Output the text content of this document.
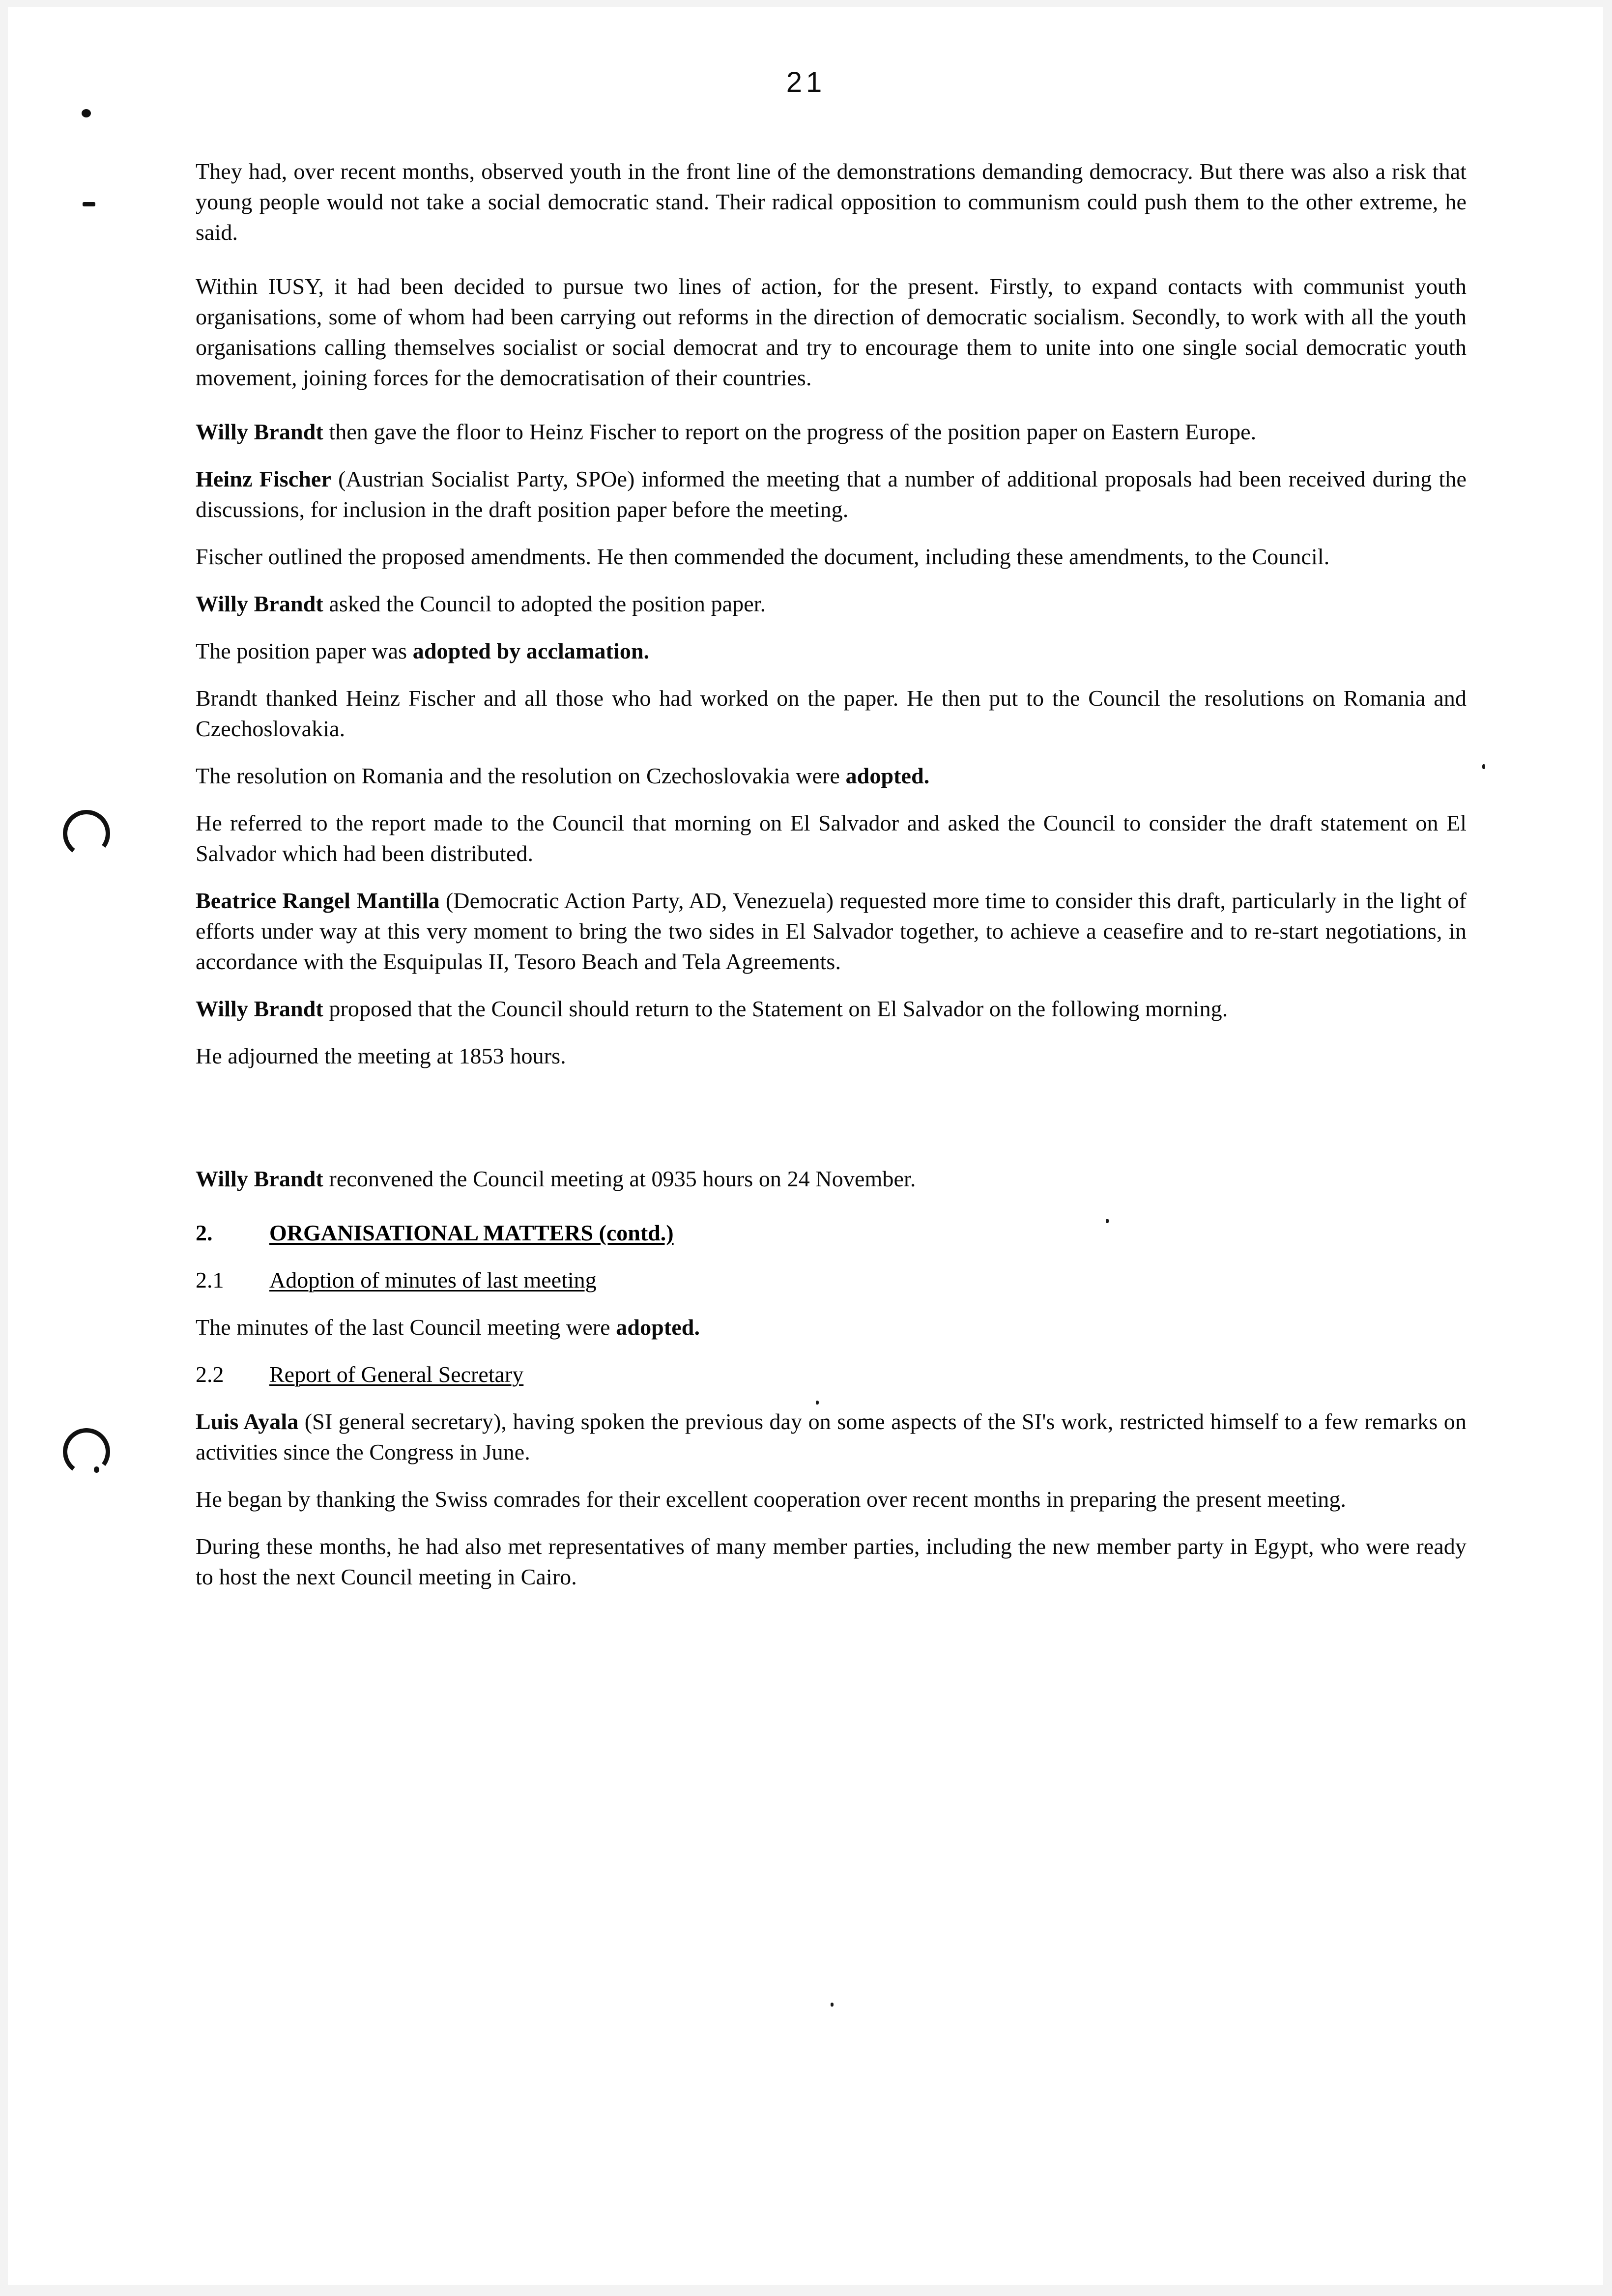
21

They had, over recent months, observed youth in the front line of the demonstrations demanding democracy. But there was also a risk that young people would not take a social democratic stand. Their radical opposition to communism could push them to the other extreme, he said.

Within IUSY, it had been decided to pursue two lines of action, for the present. Firstly, to expand contacts with communist youth organisations, some of whom had been carrying out reforms in the direction of democratic socialism. Secondly, to work with all the youth organisations calling themselves socialist or social democrat and try to encourage them to unite into one single social democratic youth movement, joining forces for the democratisation of their countries.

Willy Brandt then gave the floor to Heinz Fischer to report on the progress of the position paper on Eastern Europe.

Heinz Fischer (Austrian Socialist Party, SPOe) informed the meeting that a number of additional proposals had been received during the discussions, for inclusion in the draft position paper before the meeting.

Fischer outlined the proposed amendments. He then commended the document, including these amendments, to the Council.

Willy Brandt asked the Council to adopted the position paper.

The position paper was adopted by acclamation.

Brandt thanked Heinz Fischer and all those who had worked on the paper. He then put to the Council the resolutions on Romania and Czechoslovakia.

The resolution on Romania and the resolution on Czechoslovakia were adopted.

He referred to the report made to the Council that morning on El Salvador and asked the Council to consider the draft statement on El Salvador which had been distributed.

Beatrice Rangel Mantilla (Democratic Action Party, AD, Venezuela) requested more time to consider this draft, particularly in the light of efforts under way at this very moment to bring the two sides in El Salvador together, to achieve a ceasefire and to re-start negotiations, in accordance with the Esquipulas II, Tesoro Beach and Tela Agreements.

Willy Brandt proposed that the Council should return to the Statement on El Salvador on the following morning.

He adjourned the meeting at 1853 hours.

Willy Brandt reconvened the Council meeting at 0935 hours on 24 November.

2.	ORGANISATIONAL MATTERS (contd.)
2.1	Adoption of minutes of last meeting

The minutes of the last Council meeting were adopted.

2.2	Report of General Secretary

Luis Ayala (SI general secretary), having spoken the previous day on some aspects of the SI's work, restricted himself to a few remarks on activities since the Congress in June.

He began by thanking the Swiss comrades for their excellent cooperation over recent months in preparing the present meeting.

During these months, he had also met representatives of many member parties, including the new member party in Egypt, who were ready to host the next Council meeting in Cairo.
